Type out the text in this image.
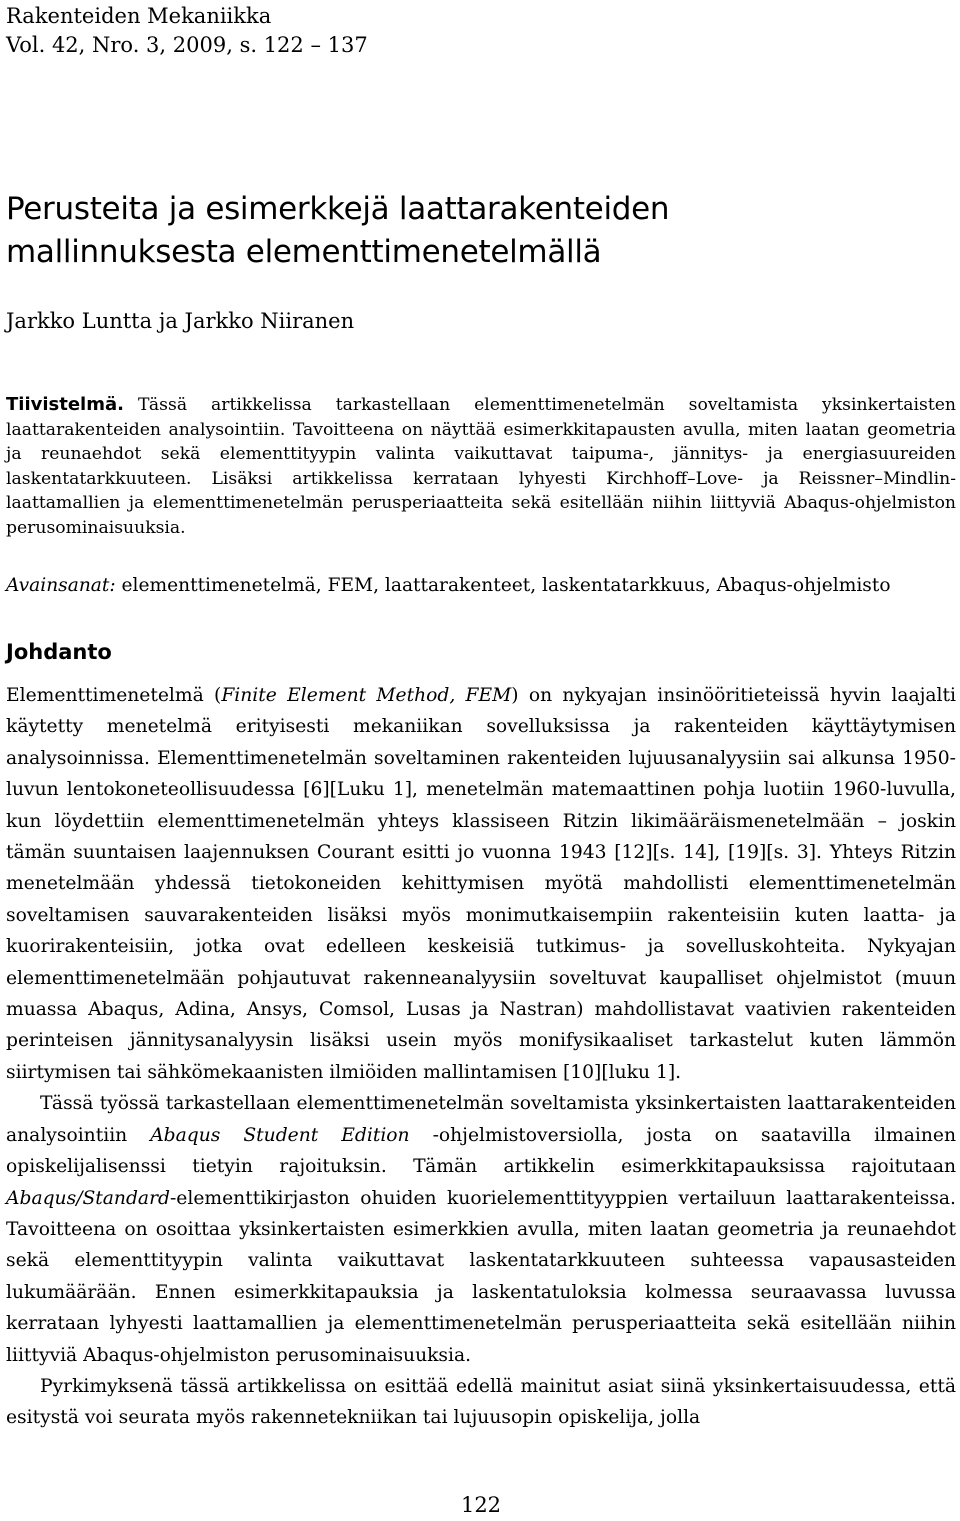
Rakenteiden Mekaniikka
Vol. 42, Nro. 3, 2009, s. 122 – 137
Perusteita ja esimerkkejä laattarakenteiden
mallinnuksesta elementtimenetelmällä
Jarkko Luntta ja Jarkko Niiranen
Tiivistelmä. Tässä artikkelissa tarkastellaan elementtimenetelmän soveltamista yksinkertaisten laattarakenteiden analysointiin. Tavoitteena on näyttää esimerkkitapausten avulla, miten laatan geometria ja reunaehdot sekä elementtityypin valinta vaikuttavat taipuma-, jännitys- ja energiasuureiden laskentatarkkuuteen. Lisäksi artikkelissa kerrataan lyhyesti Kirchhoff–Love- ja Reissner–Mindlin-laattamallien ja elementtimenetelmän perusperiaatteita sekä esitellään niihin liittyviä Abaqus-ohjelmiston perusominaisuuksia.
Avainsanat: elementtimenetelmä, FEM, laattarakenteet, laskentatarkkuus, Abaqus-ohjelmisto
Johdanto

Elementtimenetelmä (Finite Element Method, FEM) on nykyajan insinööritieteissä hyvin laajalti käytetty menetelmä erityisesti mekaniikan sovelluksissa ja rakenteiden käyttäytymisen analysoinnissa. Elementtimenetelmän soveltaminen rakenteiden lujuusanalyysiin sai alkunsa 1950-luvun lentokoneteollisuudessa [6][Luku 1], menetelmän matemaattinen pohja luotiin 1960-luvulla, kun löydettiin elementtimenetelmän yhteys klassiseen Ritzin likimääräismenetelmään – joskin tämän suuntaisen laajennuksen Courant esitti jo vuonna 1943 [12][s. 14], [19][s. 3]. Yhteys Ritzin menetelmään yhdessä tietokoneiden kehittymisen myötä mahdollisti elementtimenetelmän soveltamisen sauvarakenteiden lisäksi myös monimutkaisempiin rakenteisiin kuten laatta- ja kuorirakenteisiin, jotka ovat edelleen keskeisiä tutkimus- ja sovelluskohteita. Nykyajan elementtimenetelmään pohjautuvat rakenneanalyysiin soveltuvat kaupalliset ohjelmistot (muun muassa Abaqus, Adina, Ansys, Comsol, Lusas ja Nastran) mahdollistavat vaativien rakenteiden perinteisen jännitysanalyysin lisäksi usein myös monifysikaaliset tarkastelut kuten lämmön siirtymisen tai sähkömekaanisten ilmiöiden mallintamisen [10][luku 1].

Tässä työssä tarkastellaan elementtimenetelmän soveltamista yksinkertaisten laattarakenteiden analysointiin Abaqus Student Edition -ohjelmistoversiolla, josta on saatavilla ilmainen opiskelijalisenssi tietyin rajoituksin. Tämän artikkelin esimerkkitapauksissa rajoitutaan Abaqus/Standard-elementtikirjaston ohuiden kuorielementtityyppien vertailuun laattarakenteissa. Tavoitteena on osoittaa yksinkertaisten esimerkkien avulla, miten laatan geometria ja reunaehdot sekä elementtityypin valinta vaikuttavat laskentatarkkuuteen suhteessa vapausasteiden lukumäärään. Ennen esimerkkitapauksia ja laskentatuloksia kolmessa seuraavassa luvussa kerrataan lyhyesti laattamallien ja elementtimenetelmän perusperiaatteita sekä esitellään niihin liittyviä Abaqus-ohjelmiston perusominaisuuksia.

Pyrkimyksenä tässä artikkelissa on esittää edellä mainitut asiat siinä yksinkertaisuudessa, että esitystä voi seurata myös rakennetekniikan tai lujuusopin opiskelija, jolla

122
